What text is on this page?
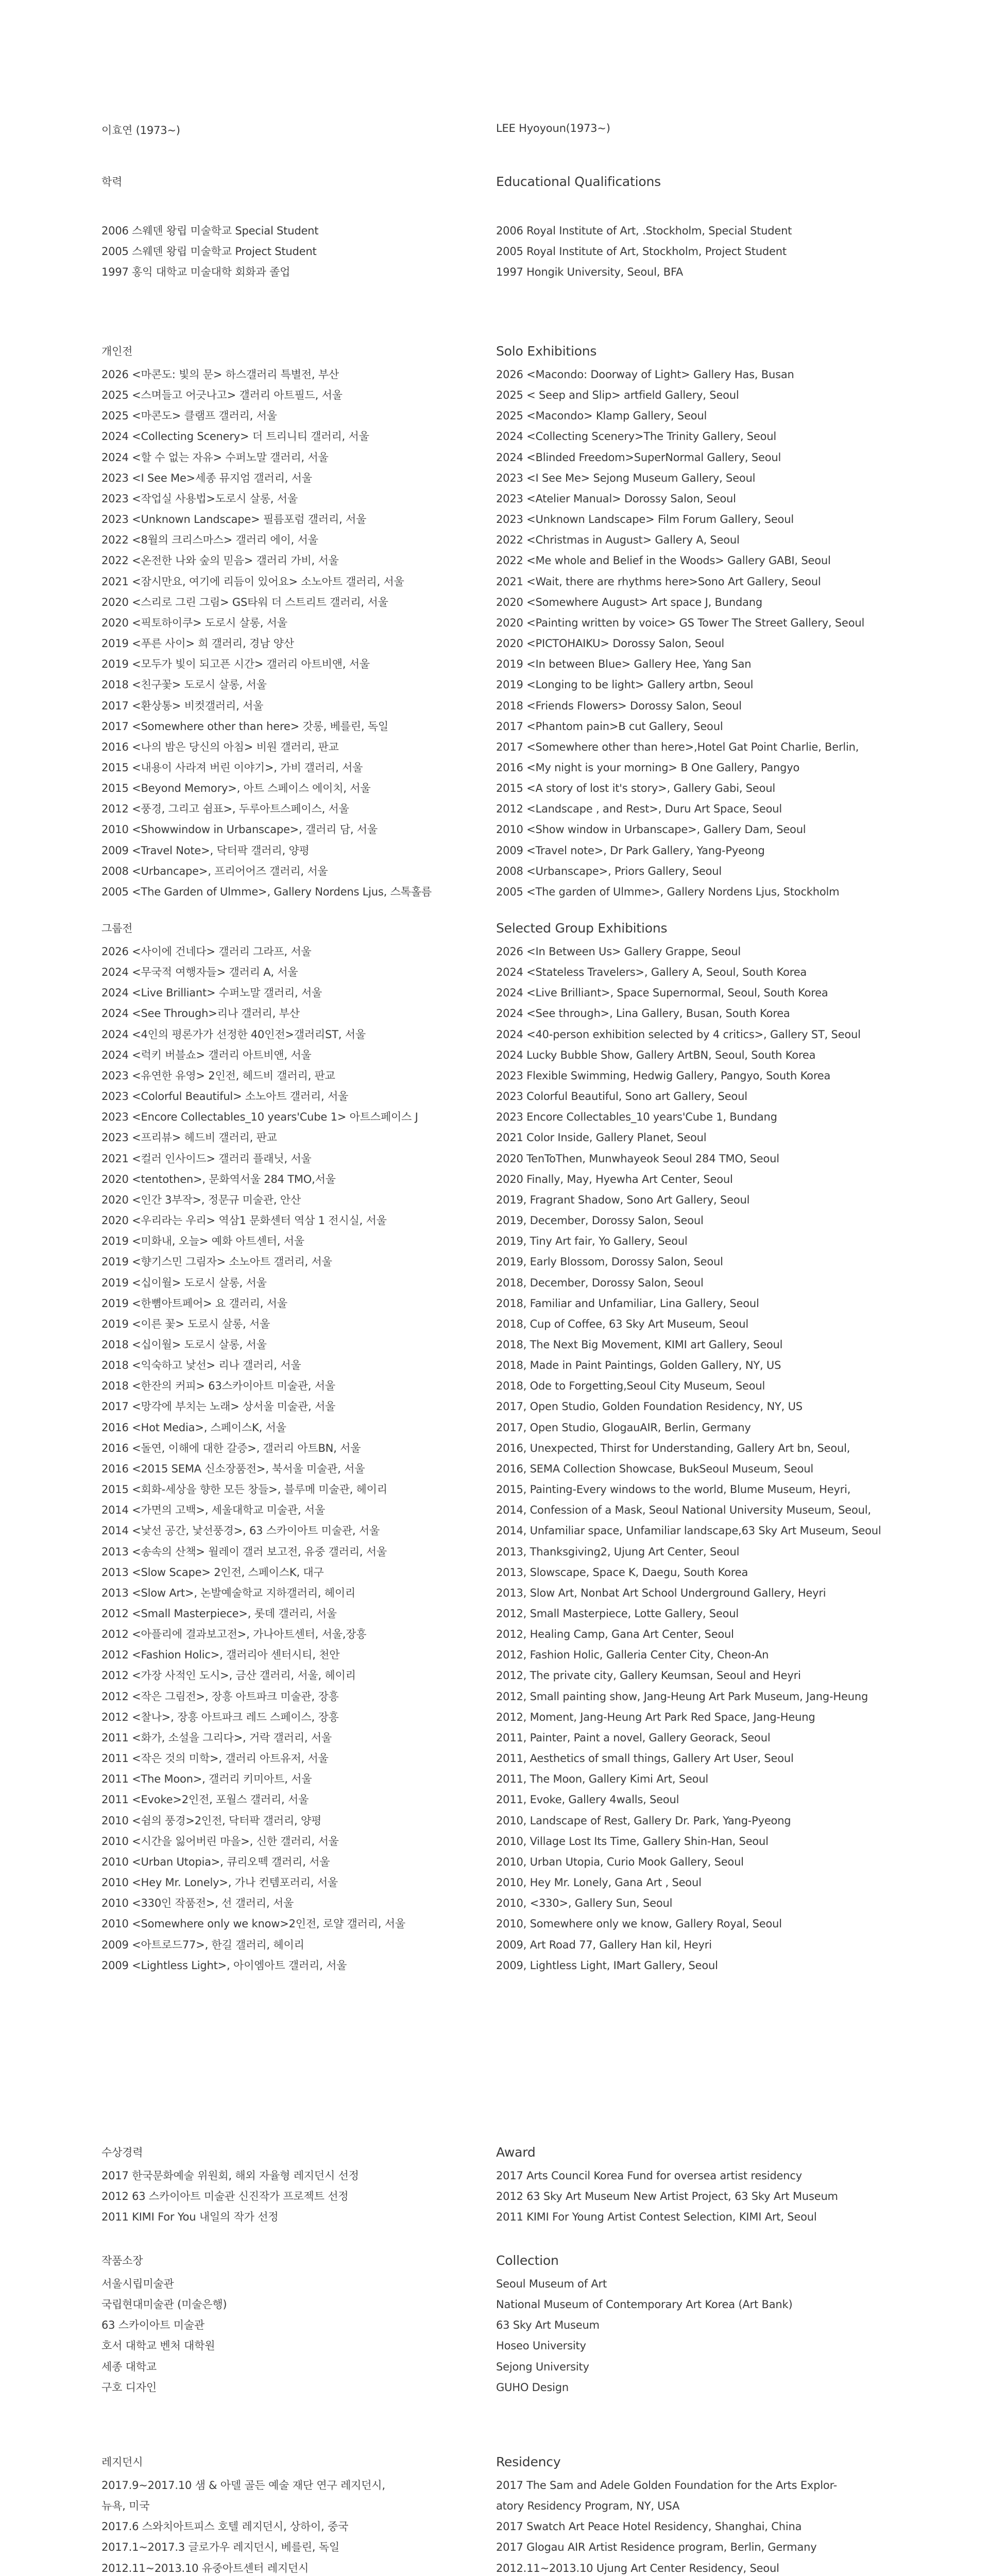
이효연 (1973~)
학력
2006 스웨덴 왕립 미술학교 Special Student
2005 스웨덴 왕립 미술학교 Project Student
1997 홍익 대학교 미술대학 회화과 졸업
개인전
2026 <마콘도: 빛의 문> 하스갤러리 특별전, 부산
2025 <스며들고 어긋나고> 갤러리 아트필드, 서울
2025 <마콘도> 클램프 갤러리, 서울
2024 <Collecting Scenery> 더 트리니티 갤러리, 서울
2024 <할 수 없는 자유> 수퍼노말 갤러리, 서울
2023 <I See Me>세종 뮤지엄 갤러리, 서울
2023 <작업실 사용법>도로시 살롱, 서울
2023 <Unknown Landscape> 필름포럼 갤러리, 서울
2022 <8월의 크리스마스> 갤러리 에이, 서울
2022 <온전한 나와 숲의 믿음> 갤러리 가비, 서울
2021 <잠시만요, 여기에 리듬이 있어요> 소노아트 갤러리, 서울
2020 <스리로 그린 그림> GS타워 더 스트리트 갤러리, 서울
2020 <픽토하이쿠> 도로시 살롱, 서울
2019 <푸른 사이> 희 갤러리, 경남 양산
2019 <모두가 빛이 되고픈 시간> 갤러리 아트비앤, 서울
2018 <친구꽃> 도로시 살롱, 서울
2017 <환상통> 비컷갤러리, 서울
2017 <Somewhere other than here> 갓롱, 베를린, 독일
2016 <나의 밤은 당신의 아침> 비원 갤러리, 판교
2015 <내용이 사라져 버린 이야기>, 가비 갤러리, 서울
2015 <Beyond Memory>, 아트 스페이스 에이치, 서울
2012 <풍경, 그리고 쉼표>, 두루아트스페이스, 서울
2010 <Showwindow in Urbanscape>, 갤러리 담, 서울
2009 <Travel Note>, 닥터팍 갤러리, 양평
2008 <Urbancape>, 프리어어즈 갤러리, 서울
2005 <The Garden of Ulmme>, Gallery Nordens Ljus, 스톡홀름
그룹전
2026 <사이에 건네다> 갤러리 그라프, 서울
2024 <무국적 여행자들> 갤러리 A, 서울
2024 <Live Brilliant> 수퍼노말 갤러리, 서울
2024 <See Through>리나 갤러리, 부산
2024 <4인의 평론가가 선정한 40인전>갤러리ST, 서울
2024 <럭키 버블쇼> 갤러리 아트비앤, 서울
2023 <유연한 유영> 2인전, 헤드비 갤러리, 판교
2023 <Colorful Beautiful> 소노아트 갤러리, 서울
2023 <Encore Collectables_10 years'Cube 1> 아트스페이스 J
2023 <프리뷰> 헤드비 갤러리, 판교
2021 <컬러 인사이드> 갤러리 플래닛, 서울
2020 <tentothen>, 문화역서울 284 TMO,서울
2020 <인간 3부작>, 정문규 미술관, 안산
2020 <우리라는 우리> 역삼1 문화센터 역삼 1 전시실, 서울
2019 <미화내, 오늘> 예화 아트센터, 서울
2019 <향기스민 그림자> 소노아트 갤러리, 서울
2019 <십이월> 도로시 살롱, 서울
2019 <한뼘아트페어> 요 갤러리, 서울
2019 <이른 꽃> 도로시 살롱, 서울
2018 <십이월> 도로시 살롱, 서울
2018 <익숙하고 낯선> 리나 갤러리, 서울
2018 <한잔의 커피> 63스카이아트 미술관, 서울
2017 <망각에 부치는 노래> 상서울 미술관, 서울
2016 <Hot Media>, 스페이스K, 서울
2016 <돌연, 이해에 대한 갈증>, 갤러리 아트BN, 서울
2016 <2015 SEMA 신소장품전>, 북서울 미술관, 서울
2015 <회화-세상을 향한 모든 창들>, 블루메 미술관, 헤이리
2014 <가면의 고백>, 세울대학교 미술관, 서울
2014 <낯선 공간, 낯선풍경>, 63 스카이아트 미술관, 서울
2013 <송속의 산책> 월레이 갤러 보고전, 유중 갤러리, 서울
2013 <Slow Scape> 2인전, 스페이스K, 대구
2013 <Slow Art>, 논발예술학교 지하갤러리, 헤이리
2012 <Small Masterpiece>, 롯데 갤러리, 서울
2012 <아플리에 결과보고전>, 가나아트센터, 서울,장흥
2012 <Fashion Holic>, 갤러리아 센터시티, 천안
2012 <가장 사적인 도시>, 금산 갤러리, 서울, 헤이리
2012 <작은 그림전>, 장흥 아트파크 미술관, 장흥
2012 <찰나>, 장흥 아트파크 레드 스페이스, 장흥
2011 <화가, 소설을 그리다>, 거락 갤러리, 서울
2011 <작은 것의 미학>, 갤러리 아트유저, 서울
2011 <The Moon>, 갤러리 키미아트, 서울
2011 <Evoke>2인전, 포월스 갤러리, 서울
2010 <쉼의 풍경>2인전, 닥터팍 갤러리, 양평
2010 <시간을 잃어버린 마을>, 신한 갤러리, 서울
2010 <Urban Utopia>, 큐리오떽 갤러리, 서울
2010 <Hey Mr. Lonely>, 가나 컨템포러리, 서울
2010 <330인 작품전>, 선 갤러리, 서울
2010 <Somewhere only we know>2인전, 로얄 갤러리, 서울
2009 <아트로드77>, 한길 갤러리, 헤이리
2009 <Lightless Light>, 아이엠아트 갤러리, 서울
수상경력
2017 한국문화예술 위원회, 해외 자율형 레지던시 선정
2012 63 스카이아트 미술관 신진작가 프로젝트 선정
2011 KIMI For You 내일의 작가 선정
작품소장
서울시립미술관
국립현대미술관 (미술은행)
63 스카이아트 미술관
호서 대학교 벤처 대학원
세종 대학교
구호 디자인
레지던시
2017.9~2017.10 샘 & 아델 골든 예술 재단 연구 레지던시,
뉴욕, 미국
2017.6 스와치아트피스 호텔 레지던시, 상하이, 중국
2017.1~2017.3 글로가우 레지던시, 베를린, 독일
2012.11~2013.10 유중아트센터 레지던시
LEE Hyoyoun(1973~)
Educational Qualifications
2006 Royal Institute of Art, .Stockholm, Special Student
2005 Royal Institute of Art, Stockholm, Project Student
1997 Hongik University, Seoul, BFA
Solo Exhibitions
2026 <Macondo: Doorway of Light> Gallery Has, Busan
2025 < Seep and Slip> artfield Gallery, Seoul
2025 <Macondo> Klamp Gallery, Seoul
2024 <Collecting Scenery>The Trinity Gallery, Seoul
2024 <Blinded Freedom>SuperNormal Gallery, Seoul
2023 <I See Me> Sejong Museum Gallery, Seoul
2023 <Atelier Manual> Dorossy Salon, Seoul
2023 <Unknown Landscape> Film Forum Gallery, Seoul
2022 <Christmas in August> Gallery A, Seoul
2022 <Me whole and Belief in the Woods> Gallery GABI, Seoul
2021 <Wait, there are rhythms here>Sono Art Gallery, Seoul
2020 <Somewhere August> Art space J, Bundang
2020 <Painting written by voice> GS Tower The Street Gallery, Seoul
2020 <PICTOHAIKU> Dorossy Salon, Seoul
2019 <In between Blue> Gallery Hee, Yang San
2019 <Longing to be light> Gallery artbn, Seoul
2018 <Friends Flowers> Dorossy Salon, Seoul
2017 <Phantom pain>B cut Gallery, Seoul
2017 <Somewhere other than here>,Hotel Gat Point Charlie, Berlin,
2016 <My night is your morning> B One Gallery, Pangyo
2015 <A story of lost it's story>, Gallery Gabi, Seoul
2012 <Landscape , and Rest>, Duru Art Space, Seoul
2010 <Show window in Urbanscape>, Gallery Dam, Seoul
2009 <Travel note>, Dr Park Gallery, Yang-Pyeong
2008 <Urbanscape>, Priors Gallery, Seoul
2005 <The garden of Ulmme>, Gallery Nordens Ljus, Stockholm
Selected Group Exhibitions
2026 <In Between Us> Gallery Grappe, Seoul
2024 <Stateless Travelers>, Gallery A, Seoul, South Korea
2024 <Live Brilliant>, Space Supernormal, Seoul, South Korea
2024 <See through>, Lina Gallery, Busan, South Korea
2024 <40-person exhibition selected by 4 critics>, Gallery ST, Seoul
2024 Lucky Bubble Show, Gallery ArtBN, Seoul, South Korea
2023 Flexible Swimming, Hedwig Gallery, Pangyo, South Korea
2023 Colorful Beautiful, Sono art Gallery, Seoul
2023 Encore Collectables_10 years'Cube 1, Bundang
2021 Color Inside, Gallery Planet, Seoul
2020 TenToThen, Munwhayeok Seoul 284 TMO, Seoul
2020 Finally, May, Hyewha Art Center, Seoul
2019, Fragrant Shadow, Sono Art Gallery, Seoul
2019, December, Dorossy Salon, Seoul
2019, Tiny Art fair, Yo Gallery, Seoul
2019, Early Blossom, Dorossy Salon, Seoul
2018, December, Dorossy Salon, Seoul
2018, Familiar and Unfamiliar, Lina Gallery, Seoul
2018, Cup of Coffee, 63 Sky Art Museum, Seoul
2018, The Next Big Movement, KIMI art Gallery, Seoul
2018, Made in Paint Paintings, Golden Gallery, NY, US
2018, Ode to Forgetting,Seoul City Museum, Seoul
2017, Open Studio, Golden Foundation Residency, NY, US
2017, Open Studio, GlogauAIR, Berlin, Germany
2016, Unexpected, Thirst for Understanding, Gallery Art bn, Seoul,
2016, SEMA Collection Showcase, BukSeoul Museum, Seoul
2015, Painting-Every windows to the world, Blume Museum, Heyri,
2014, Confession of a Mask, Seoul National University Museum, Seoul,
2014, Unfamiliar space, Unfamiliar landscape,63 Sky Art Museum, Seoul
2013, Thanksgiving2, Ujung Art Center, Seoul
2013, Slowscape, Space K, Daegu, South Korea
2013, Slow Art, Nonbat Art School Underground Gallery, Heyri
2012, Small Masterpiece, Lotte Gallery, Seoul
2012, Healing Camp, Gana Art Center, Seoul
2012, Fashion Holic, Galleria Center City, Cheon-An
2012, The private city, Gallery Keumsan, Seoul and Heyri
2012, Small painting show, Jang-Heung Art Park Museum, Jang-Heung
2012, Moment, Jang-Heung Art Park Red Space, Jang-Heung
2011, Painter, Paint a novel, Gallery Georack, Seoul
2011, Aesthetics of small things, Gallery Art User, Seoul
2011, The Moon, Gallery Kimi Art, Seoul
2011, Evoke, Gallery 4walls, Seoul
2010, Landscape of Rest, Gallery Dr. Park, Yang-Pyeong
2010, Village Lost Its Time, Gallery Shin-Han, Seoul
2010, Urban Utopia, Curio Mook Gallery, Seoul
2010, Hey Mr. Lonely, Gana Art , Seoul
2010, <330>, Gallery Sun, Seoul
2010, Somewhere only we know, Gallery Royal, Seoul
2009, Art Road 77, Gallery Han kil, Heyri
2009, Lightless Light, IMart Gallery, Seoul
Award
2017 Arts Council Korea Fund for oversea artist residency
2012 63 Sky Art Museum New Artist Project, 63 Sky Art Museum
2011 KIMI For Young Artist Contest Selection, KIMI Art, Seoul
Collection
Seoul Museum of Art
National Museum of Contemporary Art Korea (Art Bank)
63 Sky Art Museum
Hoseo University
Sejong University
GUHO Design
Residency
2017 The Sam and Adele Golden Foundation for the Arts Explor-
atory Residency Program, NY, USA
2017 Swatch Art Peace Hotel Residency, Shanghai, China
2017 Glogau AIR Artist Residence program, Berlin, Germany
2012.11~2013.10 Ujung Art Center Residency, Seoul
